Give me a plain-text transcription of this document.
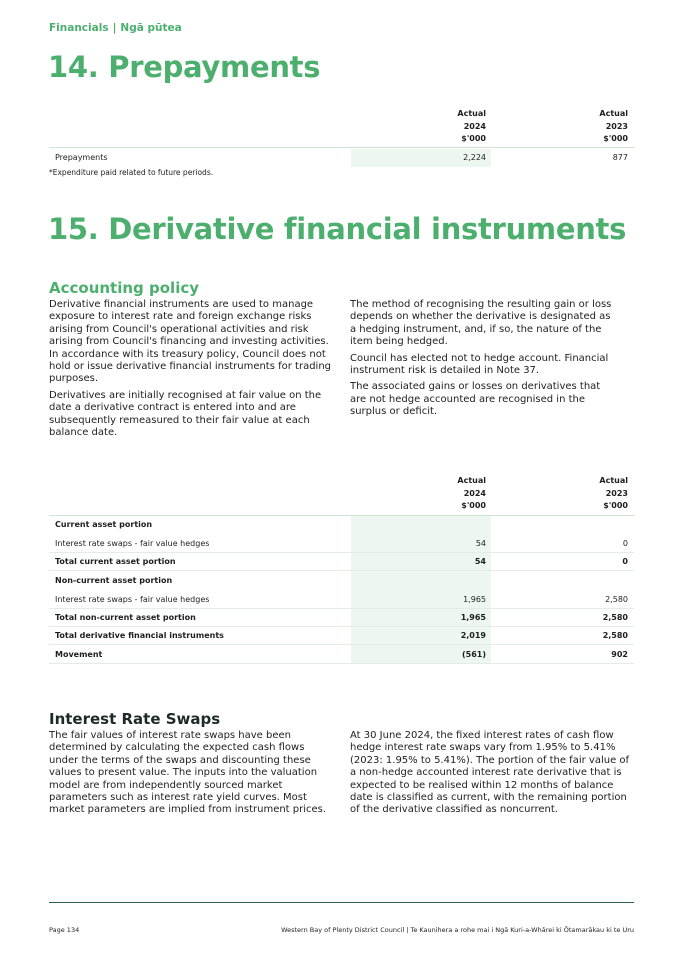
Financials | Ngā pūtea
14. Prepayments
Actual
2024
$'000
Actual
2023
$'000
Prepayments	2,224	877
*Expenditure paid related to future periods.
15. Derivative financial instruments
Accounting policy

Derivative financial instruments are used to manage exposure to interest rate and foreign exchange risks arising from Council's operational activities and risk arising from Council's financing and investing activities. In accordance with its treasury policy, Council does not hold or issue derivative financial instruments for trading purposes.

Derivatives are initially recognised at fair value on the date a derivative contract is entered into and are subsequently remeasured to their fair value at each balance date.

The method of recognising the resulting gain or loss depends on whether the derivative is designated as a hedging instrument, and, if so, the nature of the item being hedged.

Council has elected not to hedge account. Financial instrument risk is detailed in Note 37.

The associated gains or losses on derivatives that are not hedge accounted are recognised in the surplus or deficit.

Actual
2024
$'000
Actual
2023
$'000
Current asset portion
Interest rate swaps - fair value hedges	54	0
Total current asset portion	54	0
Non-current asset portion
Interest rate swaps - fair value hedges	1,965	2,580
Total non-current asset portion	1,965	2,580
Total derivative financial instruments	2,019	2,580
Movement	(561)	902
Interest Rate Swaps

The fair values of interest rate swaps have been determined by calculating the expected cash flows under the terms of the swaps and discounting these values to present value. The inputs into the valuation model are from independently sourced market parameters such as interest rate yield curves. Most market parameters are implied from instrument prices.

At 30 June 2024, the fixed interest rates of cash flow hedge interest rate swaps vary from 1.95% to 5.41% (2023: 1.95% to 5.41%). The portion of the fair value of a non-hedge accounted interest rate derivative that is expected to be realised within 12 months of balance date is classified as current, with the remaining portion of the derivative classified as noncurrent.

Page 134	Western Bay of Plenty District Council | Te Kaunihera a rohe mai i Ngā Kuri-a-Whārei ki Ōtamarākau ki te Uru
